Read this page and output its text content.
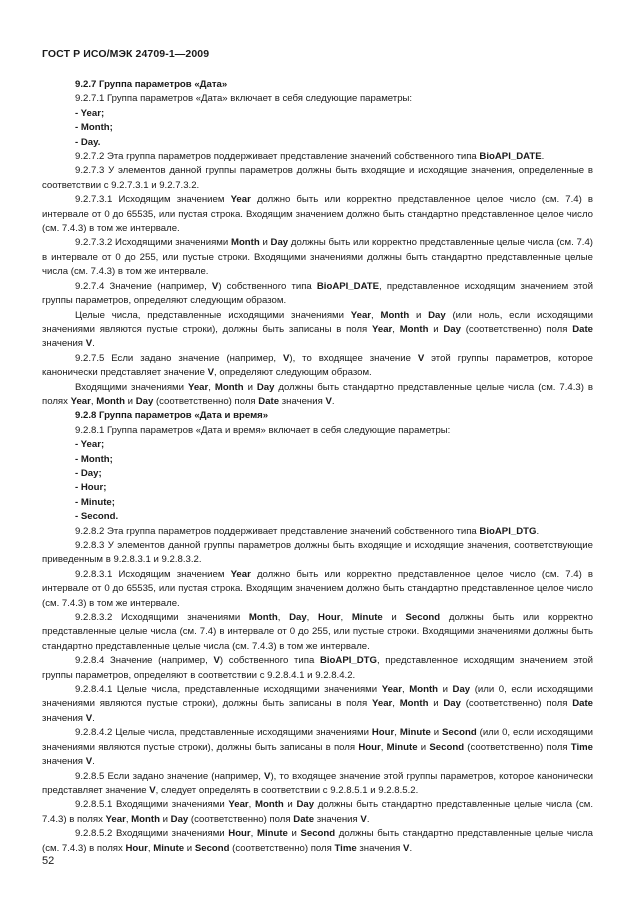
ГОСТ Р ИСО/МЭК 24709-1—2009
9.2.7 Группа параметров «Дата»
9.2.7.1 Группа параметров «Дата» включает в себя следующие параметры:
- Year;
- Month;
- Day.
9.2.7.2 Эта группа параметров поддерживает представление значений собственного типа BioAPI_DATE.
9.2.7.3 У элементов данной группы параметров должны быть входящие и исходящие значения, определенные в соответствии с 9.2.7.3.1 и 9.2.7.3.2.
9.2.7.3.1 Исходящим значением Year должно быть или корректно представленное целое число (см. 7.4) в интервале от 0 до 65535, или пустая строка. Входящим значением должно быть стандартно представленное целое число (см. 7.4.3) в том же интервале.
9.2.7.3.2 Исходящими значениями Month и Day должны быть или корректно представленные целые числа (см. 7.4) в интервале от 0 до 255, или пустые строки. Входящими значениями должны быть стандартно представленные целые числа (см. 7.4.3) в том же интервале.
9.2.7.4 Значение (например, V) собственного типа BioAPI_DATE, представленное исходящим значением этой группы параметров, определяют следующим образом.
Целые числа, представленные исходящими значениями Year, Month и Day (или ноль, если исходящими значениями являются пустые строки), должны быть записаны в поля Year, Month и Day (соответственно) поля Date значения V.
9.2.7.5 Если задано значение (например, V), то входящее значение V этой группы параметров, которое канонически представляет значение V, определяют следующим образом.
Входящими значениями Year, Month и Day должны быть стандартно представленные целые числа (см. 7.4.3) в полях Year, Month и Day (соответственно) поля Date значения V.
9.2.8 Группа параметров «Дата и время»
9.2.8.1 Группа параметров «Дата и время» включает в себя следующие параметры:
- Year;
- Month;
- Day;
- Hour;
- Minute;
- Second.
9.2.8.2 Эта группа параметров поддерживает представление значений собственного типа BioAPI_DTG.
9.2.8.3 У элементов данной группы параметров должны быть входящие и исходящие значения, соответствующие приведенным в 9.2.8.3.1 и 9.2.8.3.2.
9.2.8.3.1 Исходящим значением Year должно быть или корректно представленное целое число (см. 7.4) в интервале от 0 до 65535, или пустая строка. Входящим значением должно быть стандартно представленное целое число (см. 7.4.3) в том же интервале.
9.2.8.3.2 Исходящими значениями Month, Day, Hour, Minute и Second должны быть или корректно представленные целые числа (см. 7.4) в интервале от 0 до 255, или пустые строки. Входящими значениями должны быть стандартно представленные целые числа (см. 7.4.3) в том же интервале.
9.2.8.4 Значение (например, V) собственного типа BioAPI_DTG, представленное исходящим значением этой группы параметров, определяют в соответствии с 9.2.8.4.1 и 9.2.8.4.2.
9.2.8.4.1 Целые числа, представленные исходящими значениями Year, Month и Day (или 0, если исходящими значениями являются пустые строки), должны быть записаны в поля Year, Month и Day (соответственно) поля Date значения V.
9.2.8.4.2 Целые числа, представленные исходящими значениями Hour, Minute и Second (или 0, если исходящими значениями являются пустые строки), должны быть записаны в поля Hour, Minute и Second (соответственно) поля Time значения V.
9.2.8.5 Если задано значение (например, V), то входящее значение этой группы параметров, которое канонически представляет значение V, следует определять в соответствии с 9.2.8.5.1 и 9.2.8.5.2.
9.2.8.5.1 Входящими значениями Year, Month и Day должны быть стандартно представленные целые числа (см. 7.4.3) в полях Year, Month и Day (соответственно) поля Date значения V.
9.2.8.5.2 Входящими значениями Hour, Minute и Second должны быть стандартно представленные целые числа (см. 7.4.3) в полях Hour, Minute и Second (соответственно) поля Time значения V.
52
